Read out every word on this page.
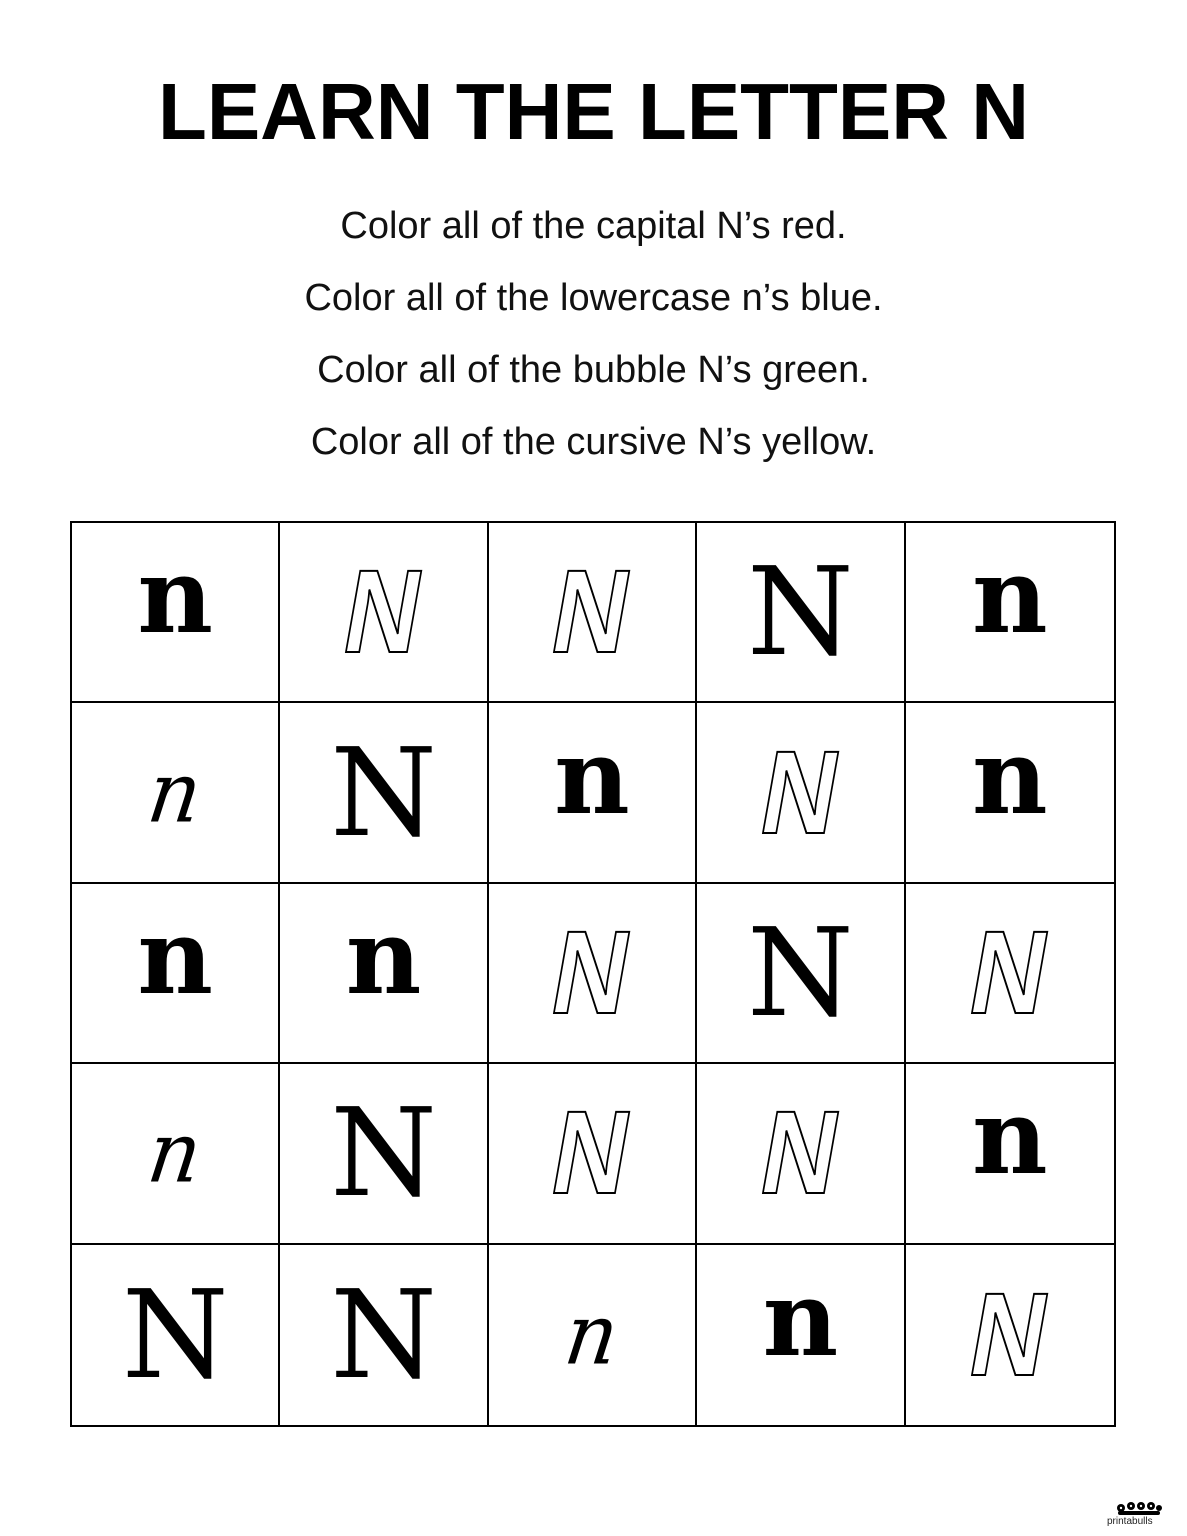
LEARN THE LETTER N
Color all of the capital N’s red.
Color all of the lowercase n’s blue.
Color all of the bubble N’s green.
Color all of the cursive N’s yellow.
n N N N n
n N n N n
n n N N N
n N N N n
N N n n N
printabulls
